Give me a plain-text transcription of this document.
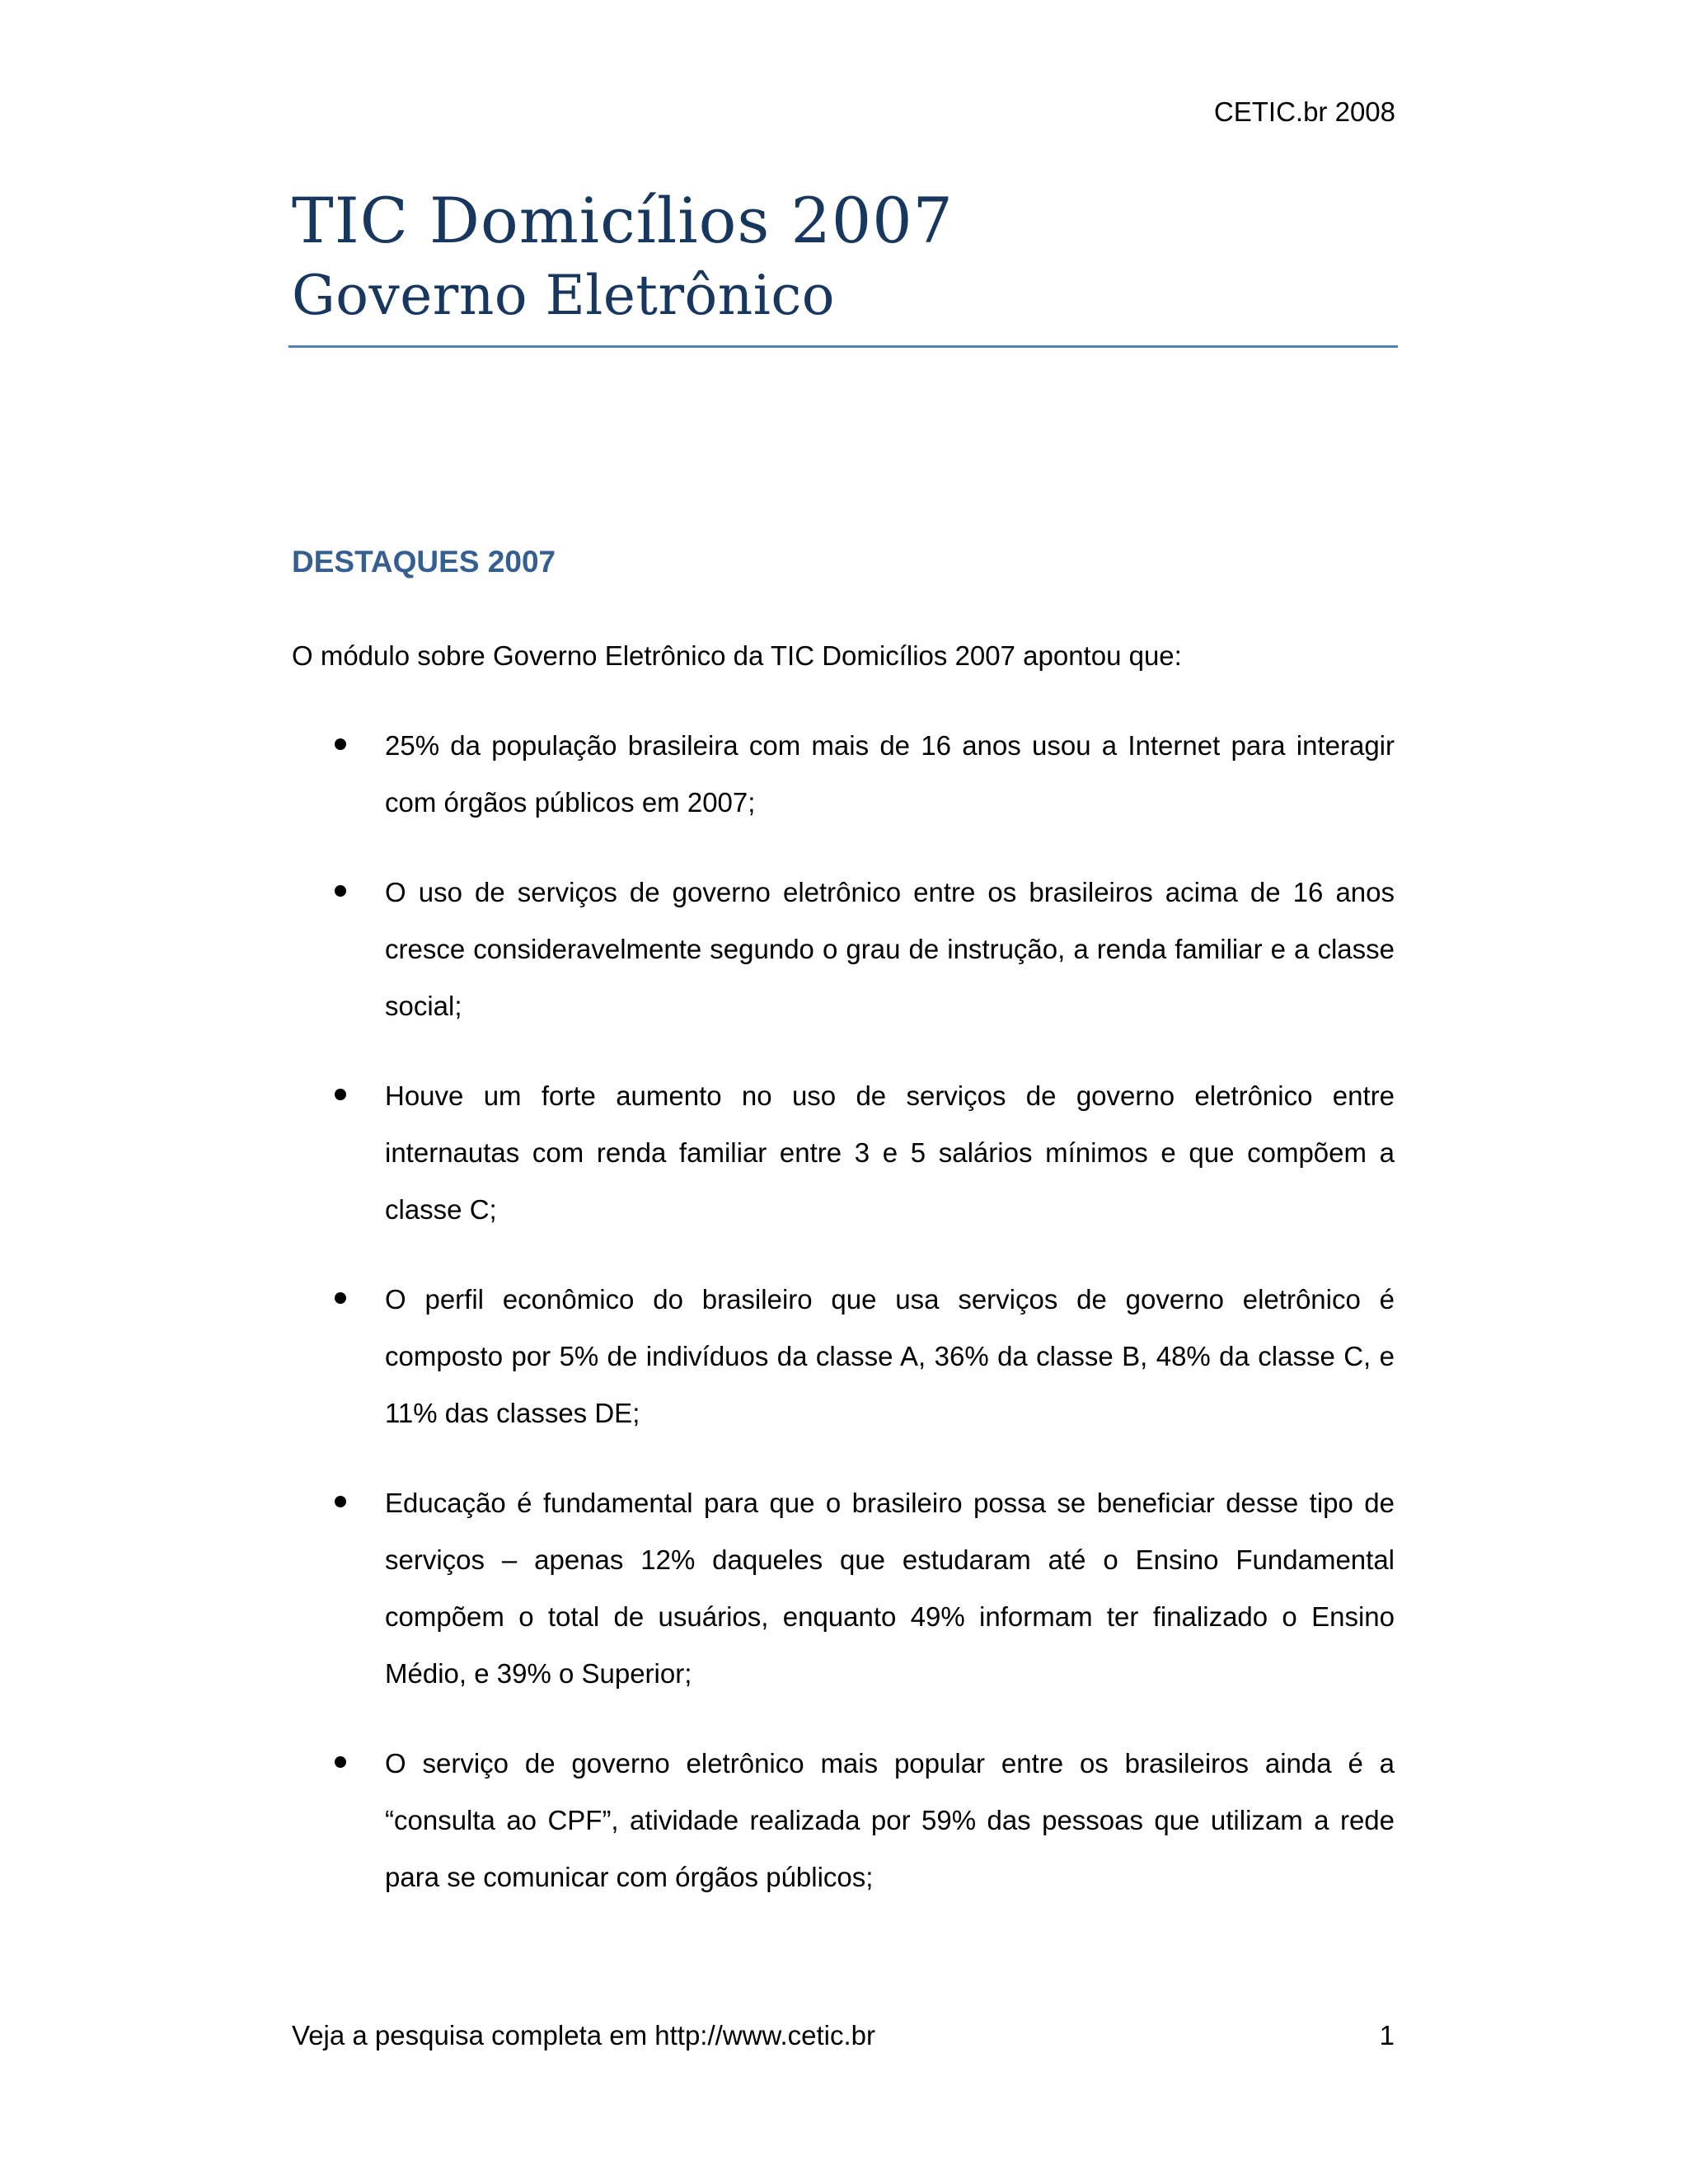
CETIC.br 2008
TIC Domicílios 2007
Governo Eletrônico
DESTAQUES 2007
O módulo sobre Governo Eletrônico da TIC Domicílios 2007 apontou que:
25% da população brasileira com mais de 16 anos usou a Internet para interagir com órgãos públicos em 2007;
O uso de serviços de governo eletrônico entre os brasileiros acima de 16 anos cresce consideravelmente segundo o grau de instrução, a renda familiar e a classe social;
Houve um forte aumento no uso de serviços de governo eletrônico entre internautas com renda familiar entre 3 e 5 salários mínimos e que compõem a classe C;
O perfil econômico do brasileiro que usa serviços de governo eletrônico é composto por 5% de indivíduos da classe A, 36% da classe B, 48% da classe C, e 11% das classes DE;
Educação é fundamental para que o brasileiro possa se beneficiar desse tipo de serviços – apenas 12% daqueles que estudaram até o Ensino Fundamental compõem o total de usuários, enquanto 49% informam ter finalizado o Ensino Médio, e 39% o Superior;
O serviço de governo eletrônico mais popular entre os brasileiros ainda é a “consulta ao CPF”, atividade realizada por 59% das pessoas que utilizam a rede para se comunicar com órgãos públicos;
Veja a pesquisa completa em http://www.cetic.br	1
